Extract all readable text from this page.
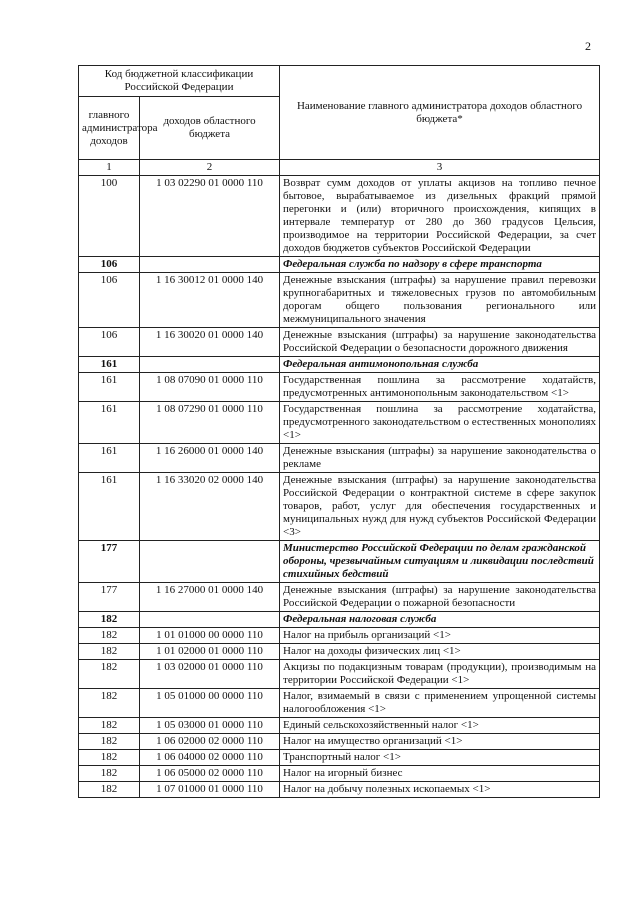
2
Код бюджетной классификации Российской Федерации		Наименование главного администратора доходов областного бюджета*
главного администратора доходов	доходов областного бюджета	
1	2	3
100	1 03 02290 01 0000 110	Возврат сумм доходов от уплаты акцизов на топливо печное бытовое, вырабатываемое из дизельных фракций прямой перегонки и (или) вторичного происхождения, кипящих в интервале температур от 280 до 360 градусов Цельсия, производимое на территории Российской Федерации, за счет доходов бюджетов субъектов Российской Федерации
106		Федеральная служба по надзору в сфере транспорта
106	1 16 30012 01 0000 140	Денежные взыскания (штрафы) за нарушение правил перевозки крупногабаритных и тяжеловесных грузов по автомобильным дорогам общего пользования регионального или межмуниципального значения
106	1 16 30020 01 0000 140	Денежные взыскания (штрафы) за нарушение законодательства Российской Федерации о безопасности дорожного движения
161		Федеральная антимонопольная служба
161	1 08 07090 01 0000 110	Государственная пошлина за рассмотрение ходатайств, предусмотренных антимонопольным законодательством <1>
161	1 08 07290 01 0000 110	Государственная пошлина за рассмотрение ходатайства, предусмотренного законодательством о естественных монополиях <1>
161	1 16 26000 01 0000 140	Денежные взыскания (штрафы) за нарушение законодательства о рекламе
161	1 16 33020 02 0000 140	Денежные взыскания (штрафы) за нарушение законодательства Российской Федерации о контрактной системе в сфере закупок товаров, работ, услуг для обеспечения государственных и муниципальных нужд для нужд субъектов Российской Федерации <3>
177		Министерство Российской Федерации по делам гражданской обороны, чрезвычайным ситуациям и ликвидации последствий стихийных бедствий
177	1 16 27000 01 0000 140	Денежные взыскания (штрафы) за нарушение законодательства Российской Федерации о пожарной безопасности
182		Федеральная налоговая служба
182	1 01 01000 00 0000 110	Налог на прибыль организаций <1>
182	1 01 02000 01 0000 110	Налог на доходы физических лиц <1>
182	1 03 02000 01 0000 110	Акцизы по подакцизным товарам (продукции), производимым на территории Российской Федерации <1>
182	1 05 01000 00 0000 110	Налог, взимаемый в связи с применением упрощенной системы налогообложения <1>
182	1 05 03000 01 0000 110	Единый сельскохозяйственный налог <1>
182	1 06 02000 02 0000 110	Налог на имущество организаций <1>
182	1 06 04000 02 0000 110	Транспортный налог <1>
182	1 06 05000 02 0000 110	Налог на игорный бизнес
182	1 07 01000 01 0000 110	Налог на добычу полезных ископаемых <1>
